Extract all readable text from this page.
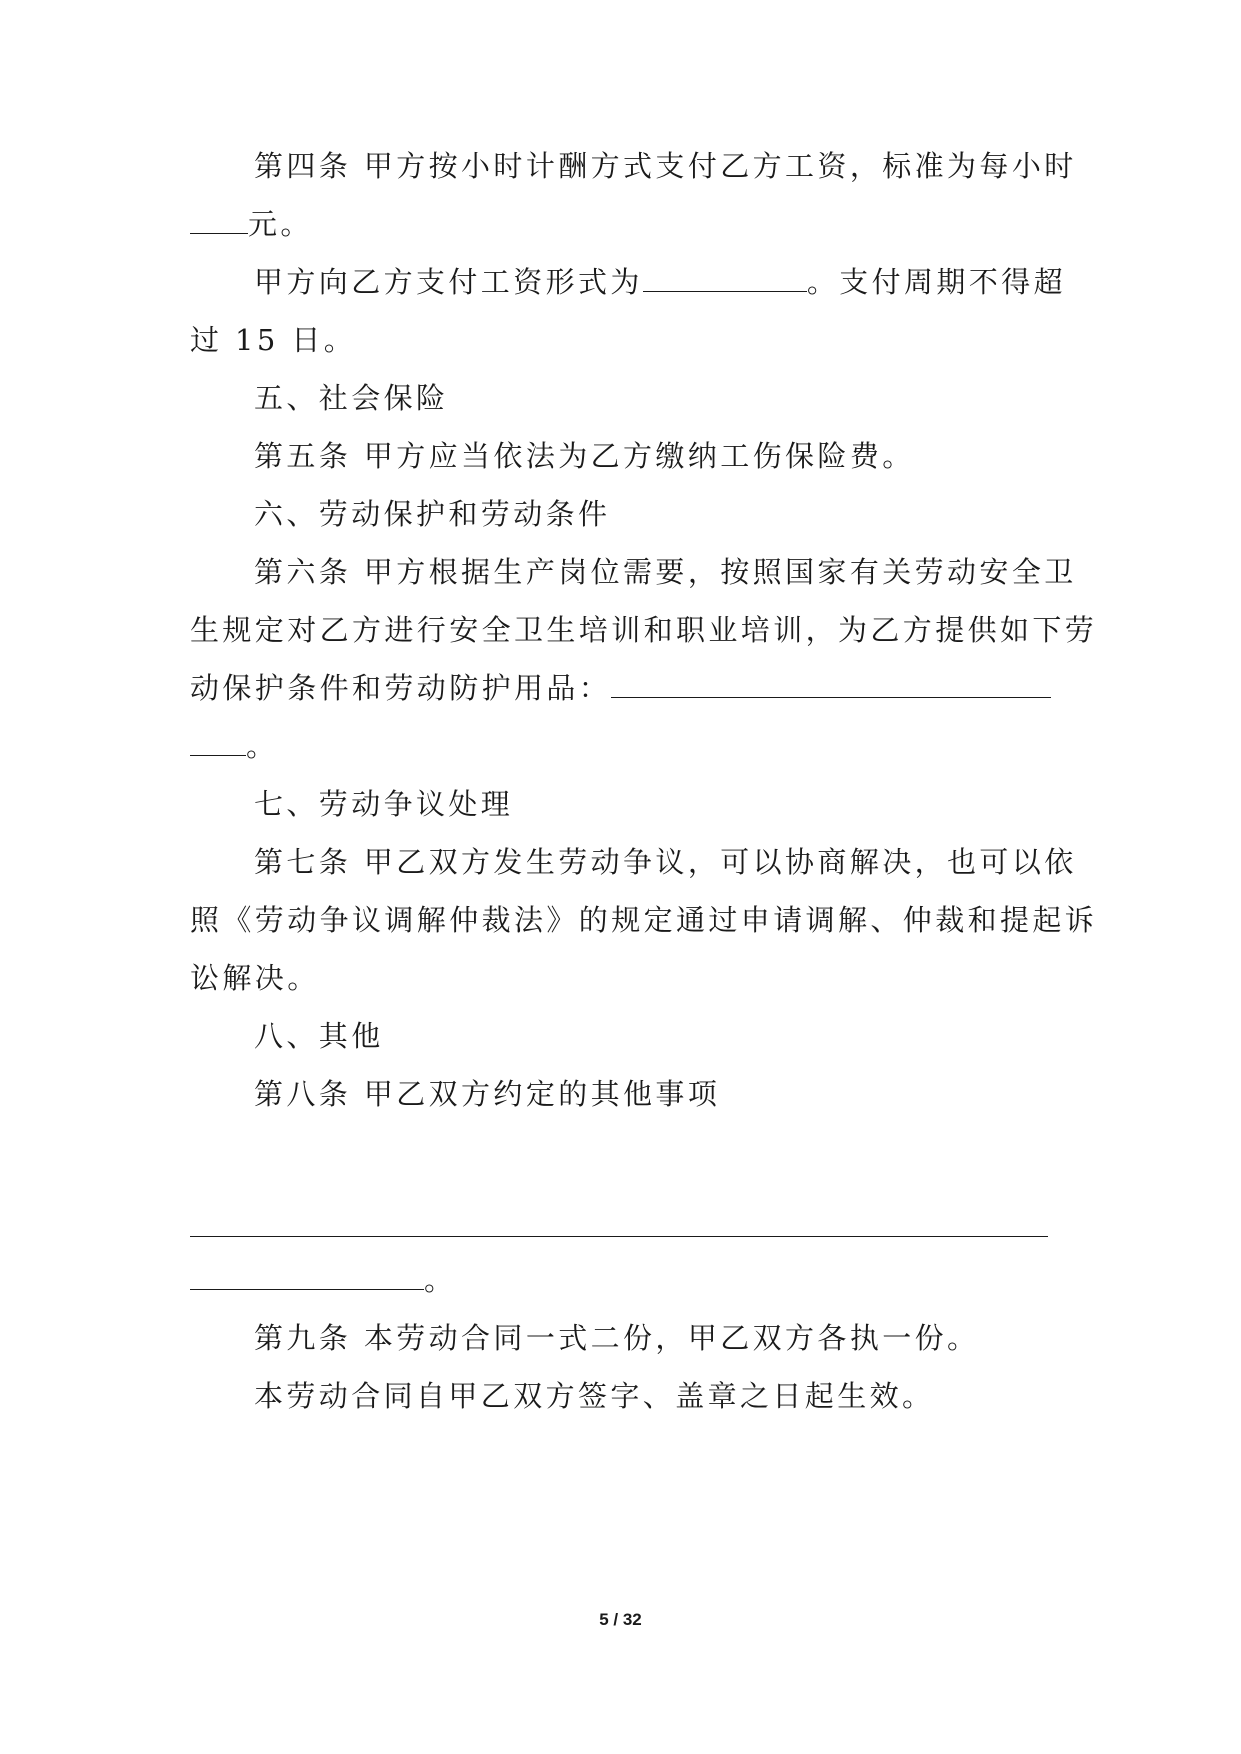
第四条 甲方按小时计酬方式支付乙方工资，标准为每小时
元。
甲方向乙方支付工资形式为	。支付周期不得超
过 15 日。
五、社会保险
第五条 甲方应当依法为乙方缴纳工伤保险费。
六、劳动保护和劳动条件
第六条 甲方根据生产岗位需要，按照国家有关劳动安全卫
生规定对乙方进行安全卫生培训和职业培训，为乙方提供如下劳
动保护条件和劳动防护用品：
。
七、劳动争议处理
第七条 甲乙双方发生劳动争议，可以协商解决，也可以依
照《劳动争议调解仲裁法》的规定通过申请调解、仲裁和提起诉
讼解决。
八、其他
第八条 甲乙双方约定的其他事项
。
第九条 本劳动合同一式二份，甲乙双方各执一份。
本劳动合同自甲乙双方签字、盖章之日起生效。
5 / 32
